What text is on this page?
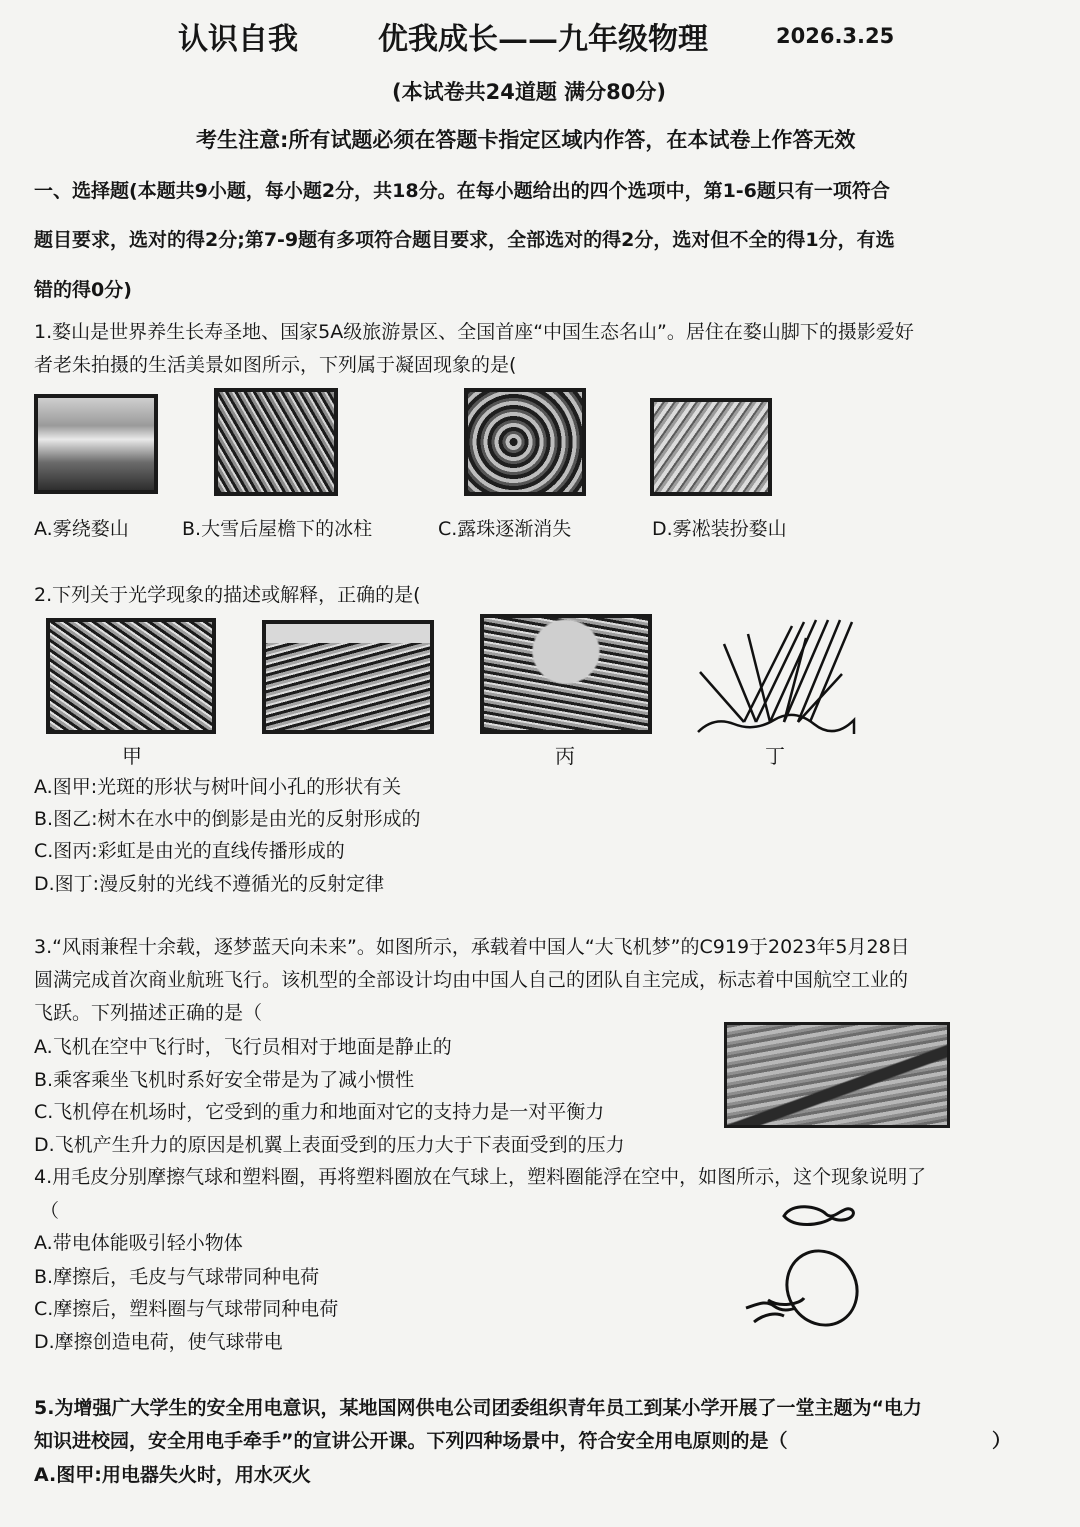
认识自我	优我成长——九年级物理	2026.3.25
(本试卷共24道题 满分80分)
考生注意:所有试题必须在答题卡指定区域内作答，在本试卷上作答无效
一、选择题(本题共9小题，每小题2分，共18分。在每小题给出的四个选项中，第1-6题只有一项符合
题目要求，选对的得2分;第7-9题有多项符合题目要求，全部选对的得2分，选对但不全的得1分，有选
错的得0分)
1.婺山是世界养生长寿圣地、国家5A级旅游景区、全国首座“中国生态名山”。居住在婺山脚下的摄影爱好
者老朱拍摄的生活美景如图所示，下列属于凝固现象的是(
A.雾绕婺山	B.大雪后屋檐下的冰柱	C.露珠逐渐消失	D.雾凇装扮婺山
2.下列关于光学现象的描述或解释，正确的是(
甲	丙	丁
A.图甲:光斑的形状与树叶间小孔的形状有关
B.图乙:树木在水中的倒影是由光的反射形成的
C.图丙:彩虹是由光的直线传播形成的
D.图丁:漫反射的光线不遵循光的反射定律
3.“风雨兼程十余载，逐梦蓝天向未来”。如图所示，承载着中国人“大飞机梦”的C919于2023年5月28日
圆满完成首次商业航班飞行。该机型的全部设计均由中国人自己的团队自主完成，标志着中国航空工业的
飞跃。下列描述正确的是（
A.飞机在空中飞行时，飞行员相对于地面是静止的
B.乘客乘坐飞机时系好安全带是为了减小惯性
C.飞机停在机场时，它受到的重力和地面对它的支持力是一对平衡力
D.飞机产生升力的原因是机翼上表面受到的压力大于下表面受到的压力
4.用毛皮分别摩擦气球和塑料圈，再将塑料圈放在气球上，塑料圈能浮在空中，如图所示，这个现象说明了
（
A.带电体能吸引轻小物体
B.摩擦后，毛皮与气球带同种电荷
C.摩擦后，塑料圈与气球带同种电荷
D.摩擦创造电荷，使气球带电
5.为增强广大学生的安全用电意识，某地国网供电公司团委组织青年员工到某小学开展了一堂主题为“电力
知识进校园，安全用电手牵手”的宣讲公开课。下列四种场景中，符合安全用电原则的是（	）
A.图甲:用电器失火时，用水灭火
